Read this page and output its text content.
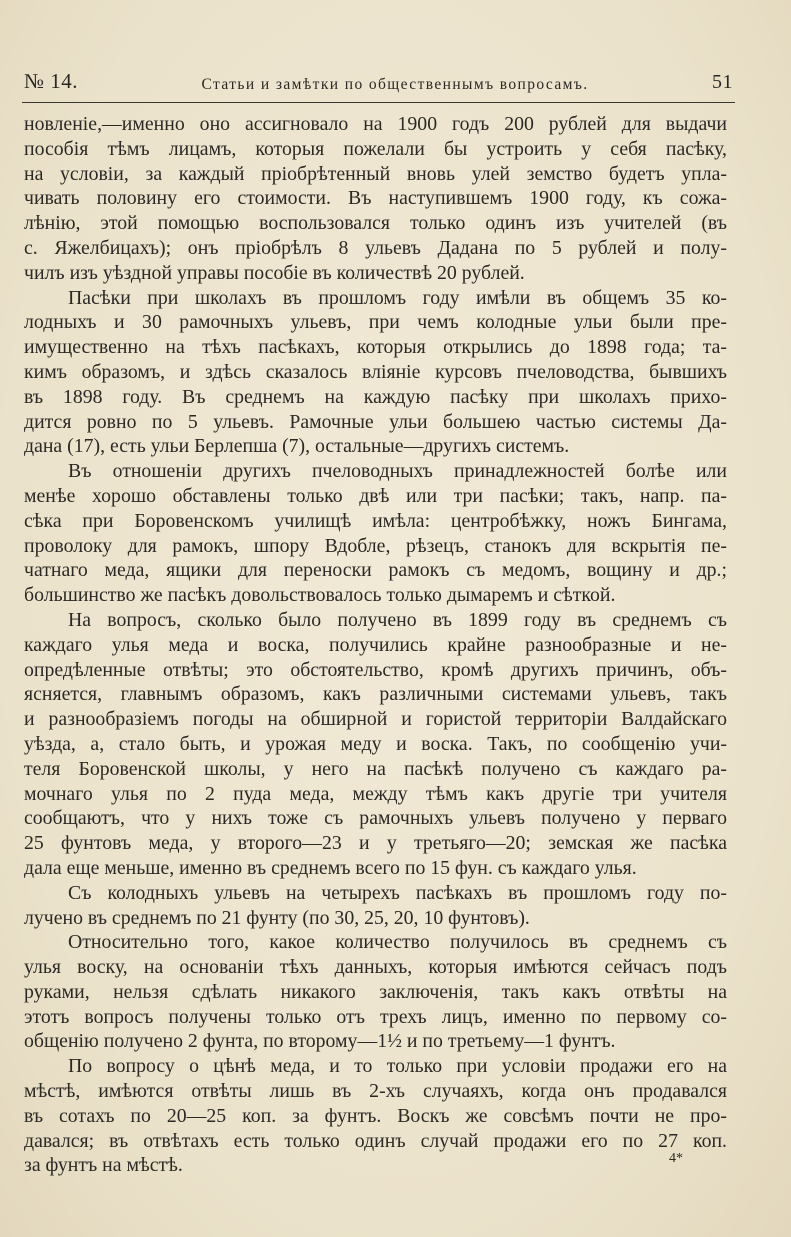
№ 14.	Статьи и замѣтки по общественнымъ вопросамъ.	51
новленіе,—именно оно ассигновало на 1900 годъ 200 рублей для выдачи
пособія тѣмъ лицамъ, которыя пожелали бы устроить у себя пасѣку,
на условіи, за каждый пріобрѣтенный вновь улей земство будетъ упла-
чивать половину его стоимости. Въ наступившемъ 1900 году, къ сожа-
лѣнію, этой помощью воспользовался только одинъ изъ учителей (въ
с. Яжелбицахъ); онъ пріобрѣлъ 8 ульевъ Дадана по 5 рублей и полу-
чилъ изъ уѣздной управы пособіе въ количествѣ 20 рублей.
Пасѣки при школахъ въ прошломъ году имѣли въ общемъ 35 ко-
лодныхъ и 30 рамочныхъ ульевъ, при чемъ колодные ульи были пре-
имущественно на тѣхъ пасѣкахъ, которыя открылись до 1898 года; та-
кимъ образомъ, и здѣсь сказалось вліяніе курсовъ пчеловодства, бывшихъ
въ 1898 году. Въ среднемъ на каждую пасѣку при школахъ прихо-
дится ровно по 5 ульевъ. Рамочные ульи большею частью системы Да-
дана (17), есть ульи Берлепша (7), остальные—другихъ системъ.
Въ отношеніи другихъ пчеловодныхъ принадлежностей болѣе или
менѣе хорошо обставлены только двѣ или три пасѣки; такъ, напр. па-
сѣка при Боровенскомъ училищѣ имѣла: центробѣжку, ножъ Бингама,
проволоку для рамокъ, шпору Вдобле, рѣзецъ, станокъ для вскрытія пе-
чатнаго меда, ящики для переноски рамокъ съ медомъ, вощину и др.;
большинство же пасѣкъ довольствовалось только дымаремъ и сѣткой.
На вопросъ, сколько было получено въ 1899 году въ среднемъ съ
каждаго улья меда и воска, получились крайне разнообразные и не-
опредѣленные отвѣты; это обстоятельство, кромѣ другихъ причинъ, объ-
ясняется, главнымъ образомъ, какъ различными системами ульевъ, такъ
и разнообразіемъ погоды на обширной и гористой территоріи Валдайскаго
уѣзда, а, стало быть, и урожая меду и воска. Такъ, по сообщенію учи-
теля Боровенской школы, у него на пасѣкѣ получено съ каждаго ра-
мочнаго улья по 2 пуда меда, между тѣмъ какъ другіе три учителя
сообщаютъ, что у нихъ тоже съ рамочныхъ ульевъ получено у перваго
25 фунтовъ меда, у второго—23 и у третьяго—20; земская же пасѣка
дала еще меньше, именно въ среднемъ всего по 15 фун. съ каждаго улья.
Съ колодныхъ ульевъ на четырехъ пасѣкахъ въ прошломъ году по-
лучено въ среднемъ по 21 фунту (по 30, 25, 20, 10 фунтовъ).
Относительно того, какое количество получилось въ среднемъ съ
улья воску, на основаніи тѣхъ данныхъ, которыя имѣются сейчасъ подъ
руками, нельзя сдѣлать никакого заключенія, такъ какъ отвѣты на
этотъ вопросъ получены только отъ трехъ лицъ, именно по первому со-
общенію получено 2 фунта, по второму—1½ и по третьему—1 фунтъ.
По вопросу о цѣнѣ меда, и то только при условіи продажи его на
мѣстѣ, имѣются отвѣты лишь въ 2-хъ случаяхъ, когда онъ продавался
въ сотахъ по 20—25 коп. за фунтъ. Воскъ же совсѣмъ почти не про-
давался; въ отвѣтахъ есть только одинъ случай продажи его по 27 коп.
за фунтъ на мѣстѣ.	4*
